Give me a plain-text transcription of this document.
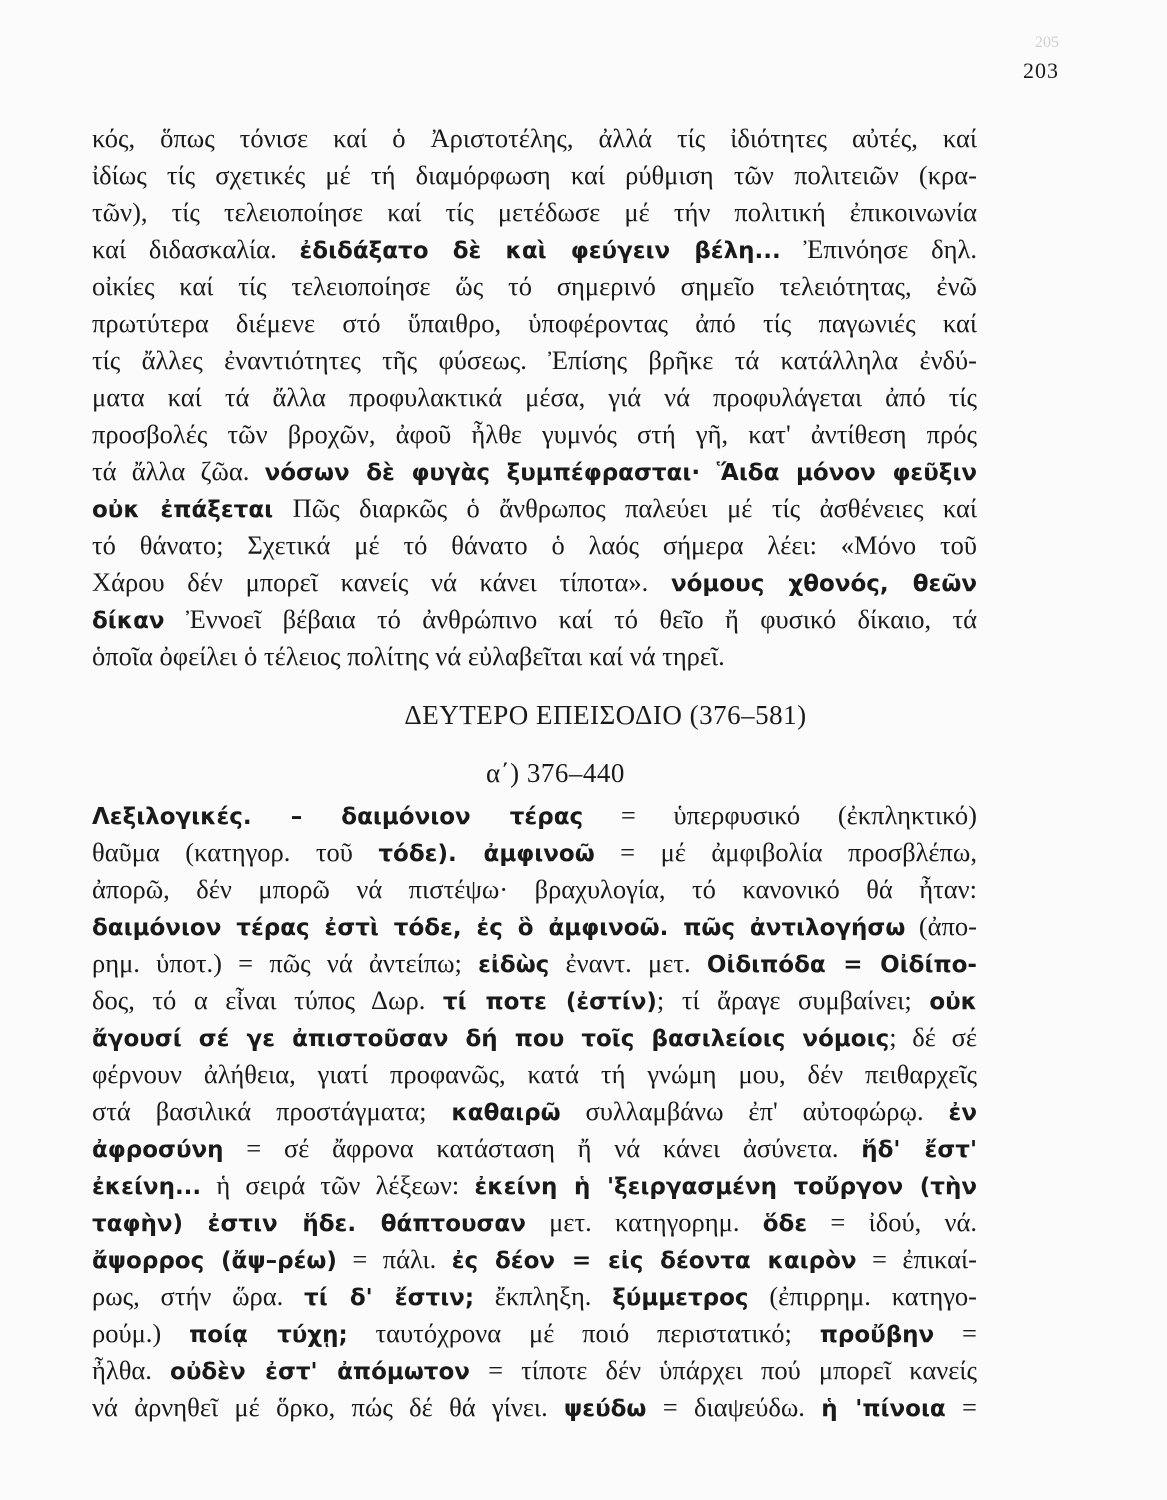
205
203
κός, ὅπως τόνισε καί ὁ Ἀριστοτέλης, ἀλλά τίς ἰδιότητες αὐτές, καί
ἰδίως τίς σχετικές μέ τή διαμόρφωση καί ρύθμιση τῶν πολιτειῶν (κρα-
τῶν), τίς τελειοποίησε καί τίς μετέδωσε μέ τήν πολιτική ἐπικοινωνία
καί διδασκαλία. ἐδιδάξατο δὲ καὶ φεύγειν βέλη... Ἐπινόησε δηλ.
οἰκίες καί τίς τελειοποίησε ὥς τό σημερινό σημεῖο τελειότητας, ἐνῶ
πρωτύτερα διέμενε στό ὕπαιθρο, ὑποφέροντας ἀπό τίς παγωνιές καί
τίς ἄλλες ἐναντιότητες τῆς φύσεως. Ἐπίσης βρῆκε τά κατάλληλα ἐνδύ-
ματα καί τά ἄλλα προφυλακτικά μέσα, γιά νά προφυλάγεται ἀπό τίς
προσβολές τῶν βροχῶν, ἀφοῦ ἦλθε γυμνός στή γῆ, κατ' ἀντίθεση πρός
τά ἄλλα ζῶα. νόσων δὲ φυγὰς ξυμπέφρασται· Ἅιδα μόνον φεῦξιν
οὐκ ἐπάξεται Πῶς διαρκῶς ὁ ἄνθρωπος παλεύει μέ τίς ἀσθένειες καί
τό θάνατο; Σχετικά μέ τό θάνατο ὁ λαός σήμερα λέει: «Μόνο τοῦ
Χάρου δέν μπορεῖ κανείς νά κάνει τίποτα». νόμους χθονός, θεῶν
δίκαν Ἐννοεῖ βέβαια τό ἀνθρώπινο καί τό θεῖο ἤ φυσικό δίκαιο, τά
ὁποῖα ὀφείλει ὁ τέλειος πολίτης νά εὐλαβεῖται καί νά τηρεῖ.
ΔΕΥΤΕΡΟ ΕΠΕΙΣΟΔΙΟ (376–581)
α΄) 376–440
Λεξιλογικές. – δαιμόνιον τέρας = ὑπερφυσικό (ἐκπληκτικό)
θαῦμα (κατηγορ. τοῦ τόδε). ἀμφινοῶ = μέ ἀμφιβολία προσβλέπω,
ἀπορῶ, δέν μπορῶ νά πιστέψω· βραχυλογία, τό κανονικό θά ἦταν:
δαιμόνιον τέρας ἐστὶ τόδε, ἐς ὃ ἀμφινοῶ. πῶς ἀντιλογήσω (ἀπο-
ρημ. ὑποτ.) = πῶς νά ἀντείπω; εἰδὼς ἐναντ. μετ. Οἰδιπόδα = Οἰδίπο-
δος, τό α εἶναι τύπος Δωρ. τί ποτε (ἐστίν); τί ἄραγε συμβαίνει; οὐκ
ἄγουσί σέ γε ἀπιστοῦσαν δή που τοῖς βασιλείοις νόμοις; δέ σέ
φέρνουν ἀλήθεια, γιατί προφανῶς, κατά τή γνώμη μου, δέν πειθαρχεῖς
στά βασιλικά προστάγματα; καθαιρῶ συλλαμβάνω ἐπ' αὐτοφώρῳ. ἐν
ἀφροσύνη = σέ ἄφρονα κατάσταση ἤ νά κάνει ἀσύνετα. ἥδ' ἔστ'
ἐκείνη... ἡ σειρά τῶν λέξεων: ἐκείνη ἡ 'ξειργασμένη τοὔργον (τὴν
ταφὴν) ἐστιν ἥδε. θάπτουσαν μετ. κατηγορημ. ὅδε = ἰδού, νά.
ἄψορρος (ἄψ–ρέω) = πάλι. ἐς δέον = εἰς δέοντα καιρὸν = ἐπικαί-
ρως, στήν ὥρα. τί δ' ἔστιν; ἔκπληξη. ξύμμετρος (ἐπιρρημ. κατηγο-
ρούμ.) ποίᾳ τύχῃ; ταυτόχρονα μέ ποιό περιστατικό; προὔβην =
ἦλθα. οὐδὲν ἐστ' ἀπόμωτον = τίποτε δέν ὑπάρχει πού μπορεῖ κανείς
νά ἀρνηθεῖ μέ ὅρκο, πώς δέ θά γίνει. ψεύδω = διαψεύδω. ἡ 'πίνοια =
